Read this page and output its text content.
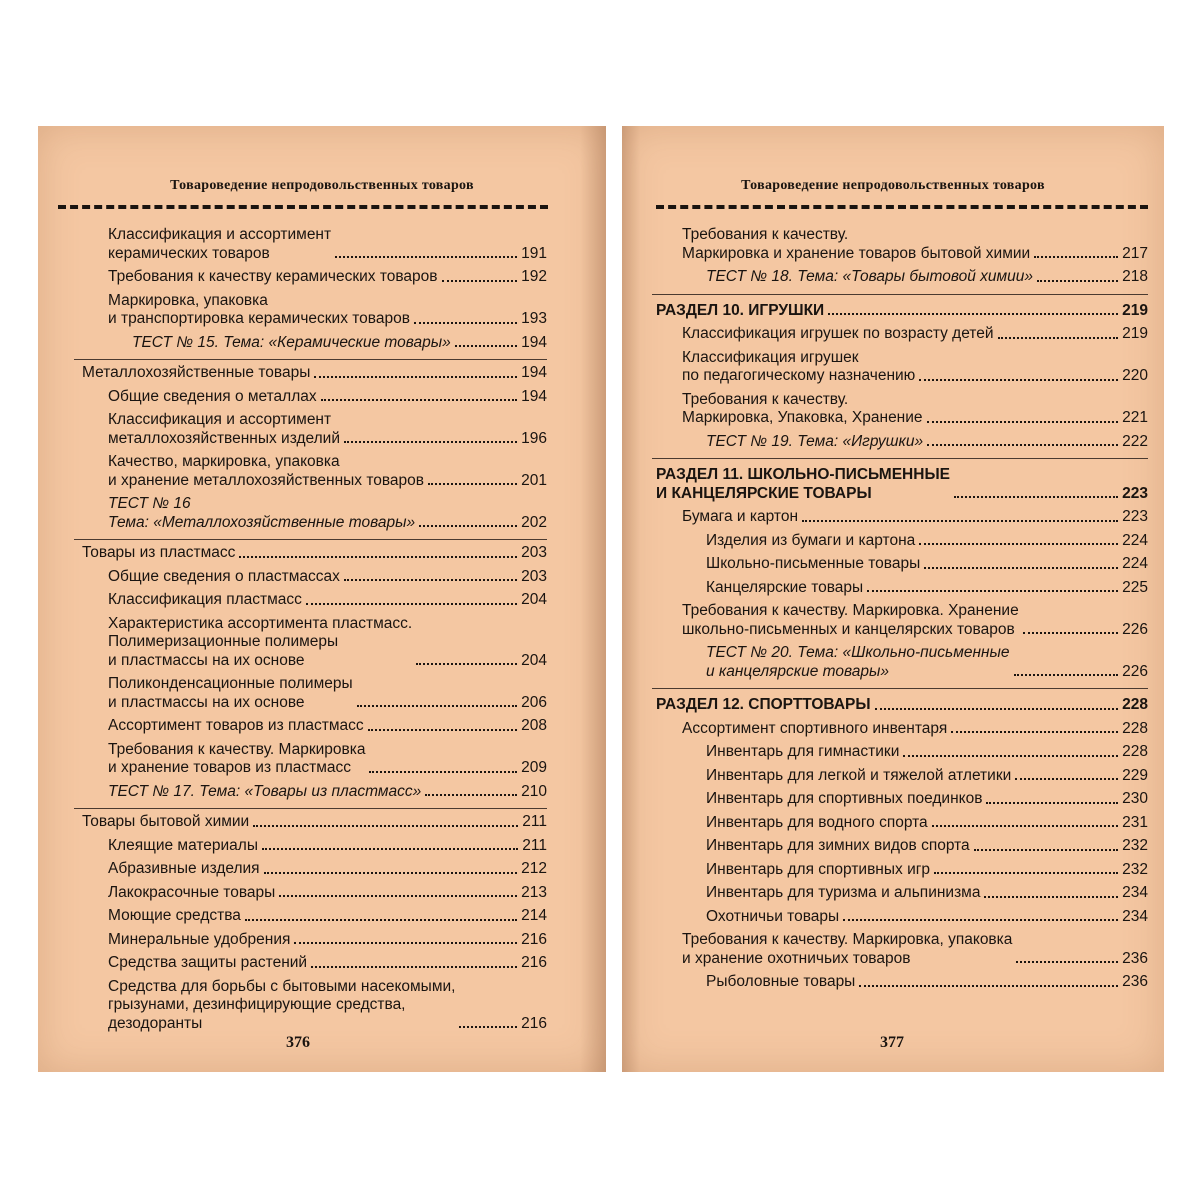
Товароведение непродовольственных товаров
Классификация и ассортимент
керамических товаров	191
Требования к качеству керамических товаров	192
Маркировка, упаковка
и транспортировка керамических товаров	193
ТЕСТ № 15. Тема: «Керамические товары»	194
Металлохозяйственные товары	194
Общие сведения о металлах	194
Классификация и ассортимент
металлохозяйственных изделий	196
Качество, маркировка, упаковка
и хранение металлохозяйственных товаров	201
ТЕСТ № 16
Тема: «Металлохозяйственные товары»	202
Товары из пластмасс	203
Общие сведения о пластмассах	203
Классификация пластмасс	204
Характеристика ассортимента пластмасс.
Полимеризационные полимеры
и пластмассы на их основе	204
Поликонденсационные полимеры
и пластмассы на их основе	206
Ассортимент товаров из пластмасс	208
Требования к качеству. Маркировка
и хранение товаров из пластмасс	209
ТЕСТ № 17. Тема: «Товары из пластмасс»	210
Товары бытовой химии	211
Клеящие материалы	211
Абразивные изделия	212
Лакокрасочные товары	213
Моющие средства	214
Минеральные удобрения	216
Средства защиты растений	216
Средства для борьбы с бытовыми насекомыми,
грызунами, дезинфицирующие средства,
дезодоранты	216
376
Товароведение непродовольственных товаров
Требования к качеству.
Маркировка и хранение товаров бытовой химии	217
ТЕСТ № 18. Тема: «Товары бытовой химии»	218
РАЗДЕЛ 10. ИГРУШКИ	219
Классификация игрушек по возрасту детей	219
Классификация игрушек
по педагогическому назначению	220
Требования к качеству.
Маркировка, Упаковка, Хранение	221
ТЕСТ № 19. Тема: «Игрушки»	222
РАЗДЕЛ 11. ШКОЛЬНО-ПИСЬМЕННЫЕ
И КАНЦЕЛЯРСКИЕ ТОВАРЫ	223
Бумага и картон	223
Изделия из бумаги и картона	224
Школьно-письменные товары	224
Канцелярские товары	225
Требования к качеству. Маркировка. Хранение
школьно-письменных и канцелярских товаров	226
ТЕСТ № 20. Тема: «Школьно-письменные
и канцелярские товары»	226
РАЗДЕЛ 12. СПОРТТОВАРЫ	228
Ассортимент спортивного инвентаря	228
Инвентарь для гимнастики	228
Инвентарь для легкой и тяжелой атлетики	229
Инвентарь для спортивных поединков	230
Инвентарь для водного спорта	231
Инвентарь для зимних видов спорта	232
Инвентарь для спортивных игр	232
Инвентарь для туризма и альпинизма	234
Охотничьи товары	234
Требования к качеству. Маркировка, упаковка
и хранение охотничьих товаров	236
Рыболовные товары	236
377
